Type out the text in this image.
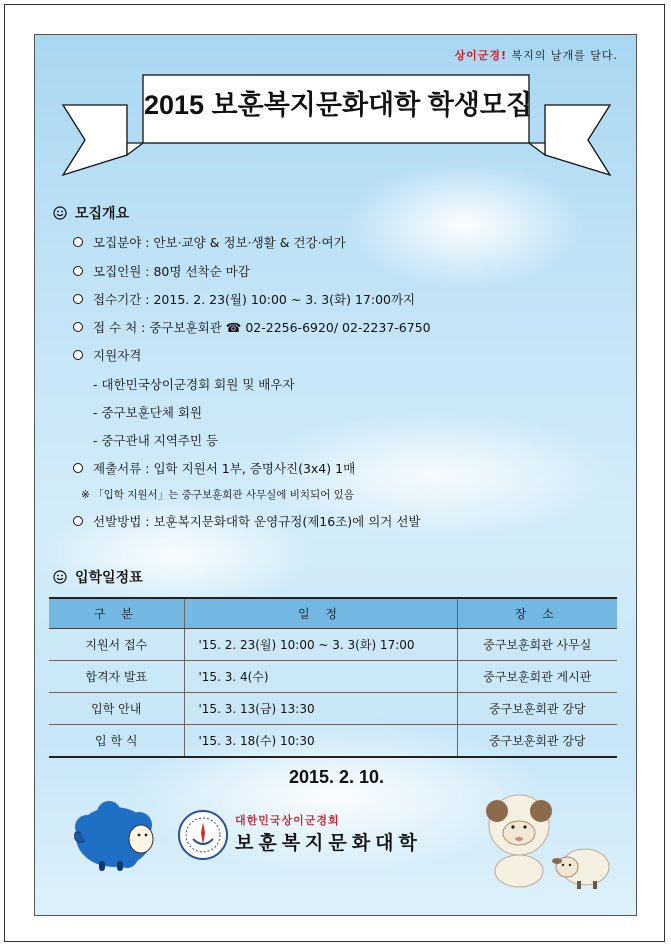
상이군경! 복지의 날개를 달다.
2015 보훈복지문화대학 학생모집
모집개요
모집분야 : 안보·교양 & 정보·생활 & 건강·여가
모집인원 : 80명 선착순 마감
접수기간 : 2015. 2. 23(월) 10:00 ~ 3. 3(화) 17:00까지
접 수 처 : 중구보훈회관 ☎ 02-2256-6920/ 02-2237-6750
지원자격
- 대한민국상이군경회 회원 및 배우자
- 중구보훈단체 회원
- 중구관내 지역주민 등
제출서류 : 입학 지원서 1부, 증명사진(3x4) 1매
※ 「입학 지원서」는 중구보훈회관 사무실에 비치되어 있음
선발방법 : 보훈복지문화대학 운영규정(제16조)에 의거 선발
입학일정표
구 분	일 정	장 소
지원서 접수	'15. 2. 23(월) 10:00 ~ 3. 3(화) 17:00	중구보훈회관 사무실
합격자 발표	'15. 3. 4(수)	중구보훈회관 게시판
입학 안내	'15. 3. 13(금) 13:30	중구보훈회관 강당
입 학 식	'15. 3. 18(수) 10:30	중구보훈회관 강당
2015. 2. 10.
대한민국상이군경회
보훈복지문화대학
